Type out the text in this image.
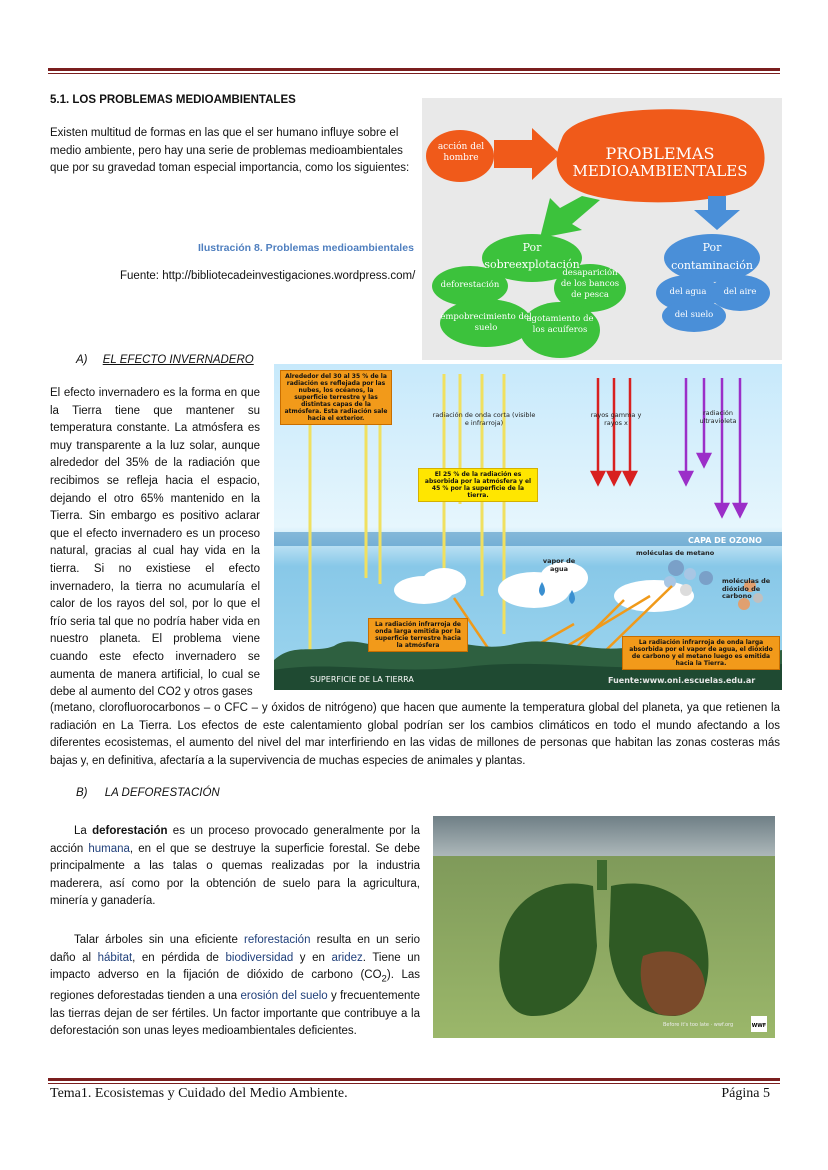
5.1. LOS PROBLEMAS MEDIOAMBIENTALES
Existen multitud de formas en las que el ser humano influye sobre el medio ambiente, pero hay una serie de problemas medioambientales que por su gravedad toman especial importancia, como los siguientes:
Ilustración 8. Problemas medioambientales
Fuente: http://bibliotecadeinvestigaciones.wordpress.com/
acción del hombre	PROBLEMAS
MEDIOAMBIENTALES
Por
sobreexplotación
Por
contaminación
deforestación
desaparición de los bancos de pesca
empobrecimiento del suelo
agotamiento de los acuíferos
del agua	del aire
del suelo
A) EL EFECTO INVERNADERO
El efecto invernadero es la forma en que la Tierra tiene que mantener su temperatura constante. La atmósfera es muy transparente a la luz solar, aunque alrededor del 35% de la radiación que recibimos se refleja hacia el espacio, dejando el otro 65% mantenido en la Tierra. Sin embargo es positivo aclarar que el efecto invernadero es un proceso natural, gracias al cual hay vida en la tierra. Si no existiese el efecto invernadero, la tierra no acumularía el calor de los rayos del sol, por lo que el frío seria tal que no podría haber vida en nuestro planeta. El problema viene cuando este efecto invernadero se aumenta de manera artificial, lo cual se debe al aumento del CO2 y otros gases
Alrededor del 30 al 35 % de la radiación es reflejada por las nubes, los océanos, la superficie terrestre y las distintas capas de la atmósfera. Esta radiación sale hacia el exterior.	radiación de onda corta (visible e infrarroja)
rayos gamma y rayos x
radiación ultravioleta
El 25 % de la radiación es absorbida por la atmósfera y el 45 % por la superficie de la tierra.
CAPA DE OZONO
moléculas de metano
vapor de agua
moléculas de dióxido de carbono
La radiación infrarroja de onda larga emitida por la superficie terrestre hacia la atmósfera	La radiación infrarroja de onda larga absorbida por el vapor de agua, el dióxido de carbono y el metano luego es emitida hacia la Tierra.
SUPERFICIE DE LA TIERRA	Fuente:www.oni.escuelas.edu.ar
(metano, clorofluorocarbonos – o CFC – y óxidos de nitrógeno) que hacen que aumente la temperatura global del planeta, ya que retienen la radiación en La Tierra. Los efectos de este calentamiento global podrían ser los cambios climáticos en todo el mundo afectando a los diferentes ecosistemas, el aumento del nivel del mar interfiriendo en las vidas de millones de personas que habitan las zonas costeras más bajas y, en definitiva, afectaría a la supervivencia de muchas especies de animales y plantas.
B) LA DEFORESTACIÓN
La deforestación es un proceso provocado generalmente por la acción humana, en el que se destruye la superficie forestal. Se debe principalmente a las talas o quemas realizadas por la industria maderera, así como por la obtención de suelo para la agricultura, minería y ganadería.
Talar árboles sin una eficiente reforestación resulta en un serio daño al hábitat, en pérdida de biodiversidad y en aridez. Tiene un impacto adverso en la fijación de dióxido de carbono $(CO_2)$. Las regiones deforestadas tienden a una erosión del suelo y frecuentemente las tierras dejan de ser fértiles. Un factor importante que contribuye a la deforestación son unas leyes medioambientales deficientes.
Before it's too late · wwf.org	WWF
Tema1. Ecosistemas y Cuidado del Medio Ambiente.	Página 5
